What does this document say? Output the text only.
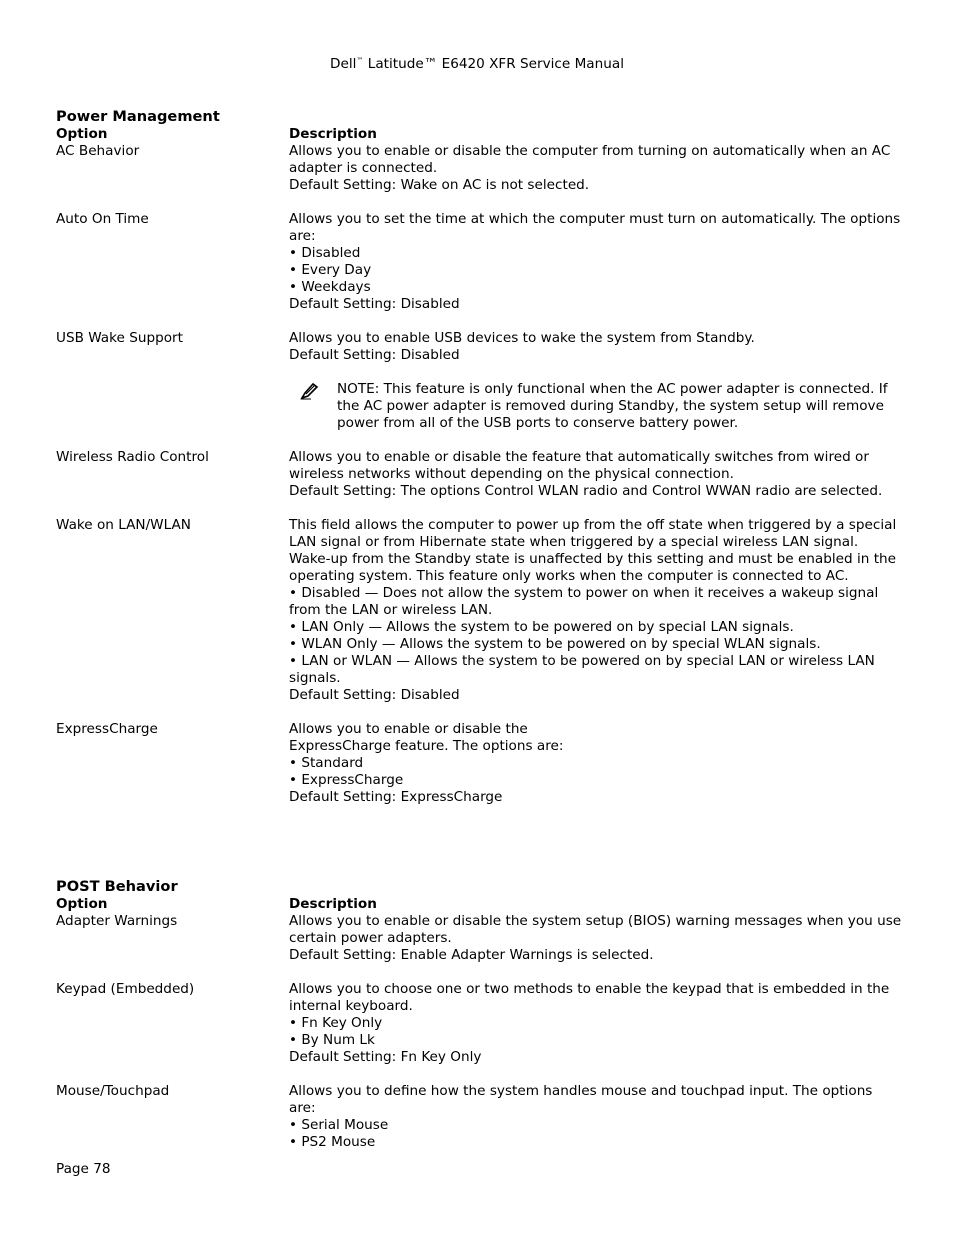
Dell™ Latitude™ E6420 XFR Service Manual
Power Management
Option	Description
AC Behavior	Allows you to enable or disable the computer from turning on automatically when an AC adapter is connected.

Default Setting: Wake on AC is not selected.

Auto On Time	Allows you to set the time at which the computer must turn on automatically. The options are:

• Disabled

• Every Day

• Weekdays

Default Setting: Disabled

USB Wake Support	Allows you to enable USB devices to wake the system from Standby.

Default Setting: Disabled

NOTE: This feature is only functional when the AC power adapter is connected. If the AC power adapter is removed during Standby, the system setup will remove power from all of the USB ports to conserve battery power.
Wireless Radio Control	Allows you to enable or disable the feature that automatically switches from wired or wireless networks without depending on the physical connection.

Default Setting: The options Control WLAN radio and Control WWAN radio are selected.

Wake on LAN/WLAN	This field allows the computer to power up from the off state when triggered by a special LAN signal or from Hibernate state when triggered by a special wireless LAN signal. Wake-up from the Standby state is unaffected by this setting and must be enabled in the operating system. This feature only works when the computer is connected to AC.

• Disabled — Does not allow the system to power on when it receives a wakeup signal from the LAN or wireless LAN.

• LAN Only — Allows the system to be powered on by special LAN signals.

• WLAN Only — Allows the system to be powered on by special WLAN signals.

• LAN or WLAN — Allows the system to be powered on by special LAN or wireless LAN signals.

Default Setting: Disabled

ExpressCharge	Allows you to enable or disable the

ExpressCharge feature. The options are:

• Standard

• ExpressCharge

Default Setting: ExpressCharge

POST Behavior
Option	Description
Adapter Warnings	Allows you to enable or disable the system setup (BIOS) warning messages when you use certain power adapters.

Default Setting: Enable Adapter Warnings is selected.

Keypad (Embedded)	Allows you to choose one or two methods to enable the keypad that is embedded in the internal keyboard.

• Fn Key Only

• By Num Lk

Default Setting: Fn Key Only

Mouse/Touchpad	Allows you to define how the system handles mouse and touchpad input. The options are:

• Serial Mouse

• PS2 Mouse

Page 78
